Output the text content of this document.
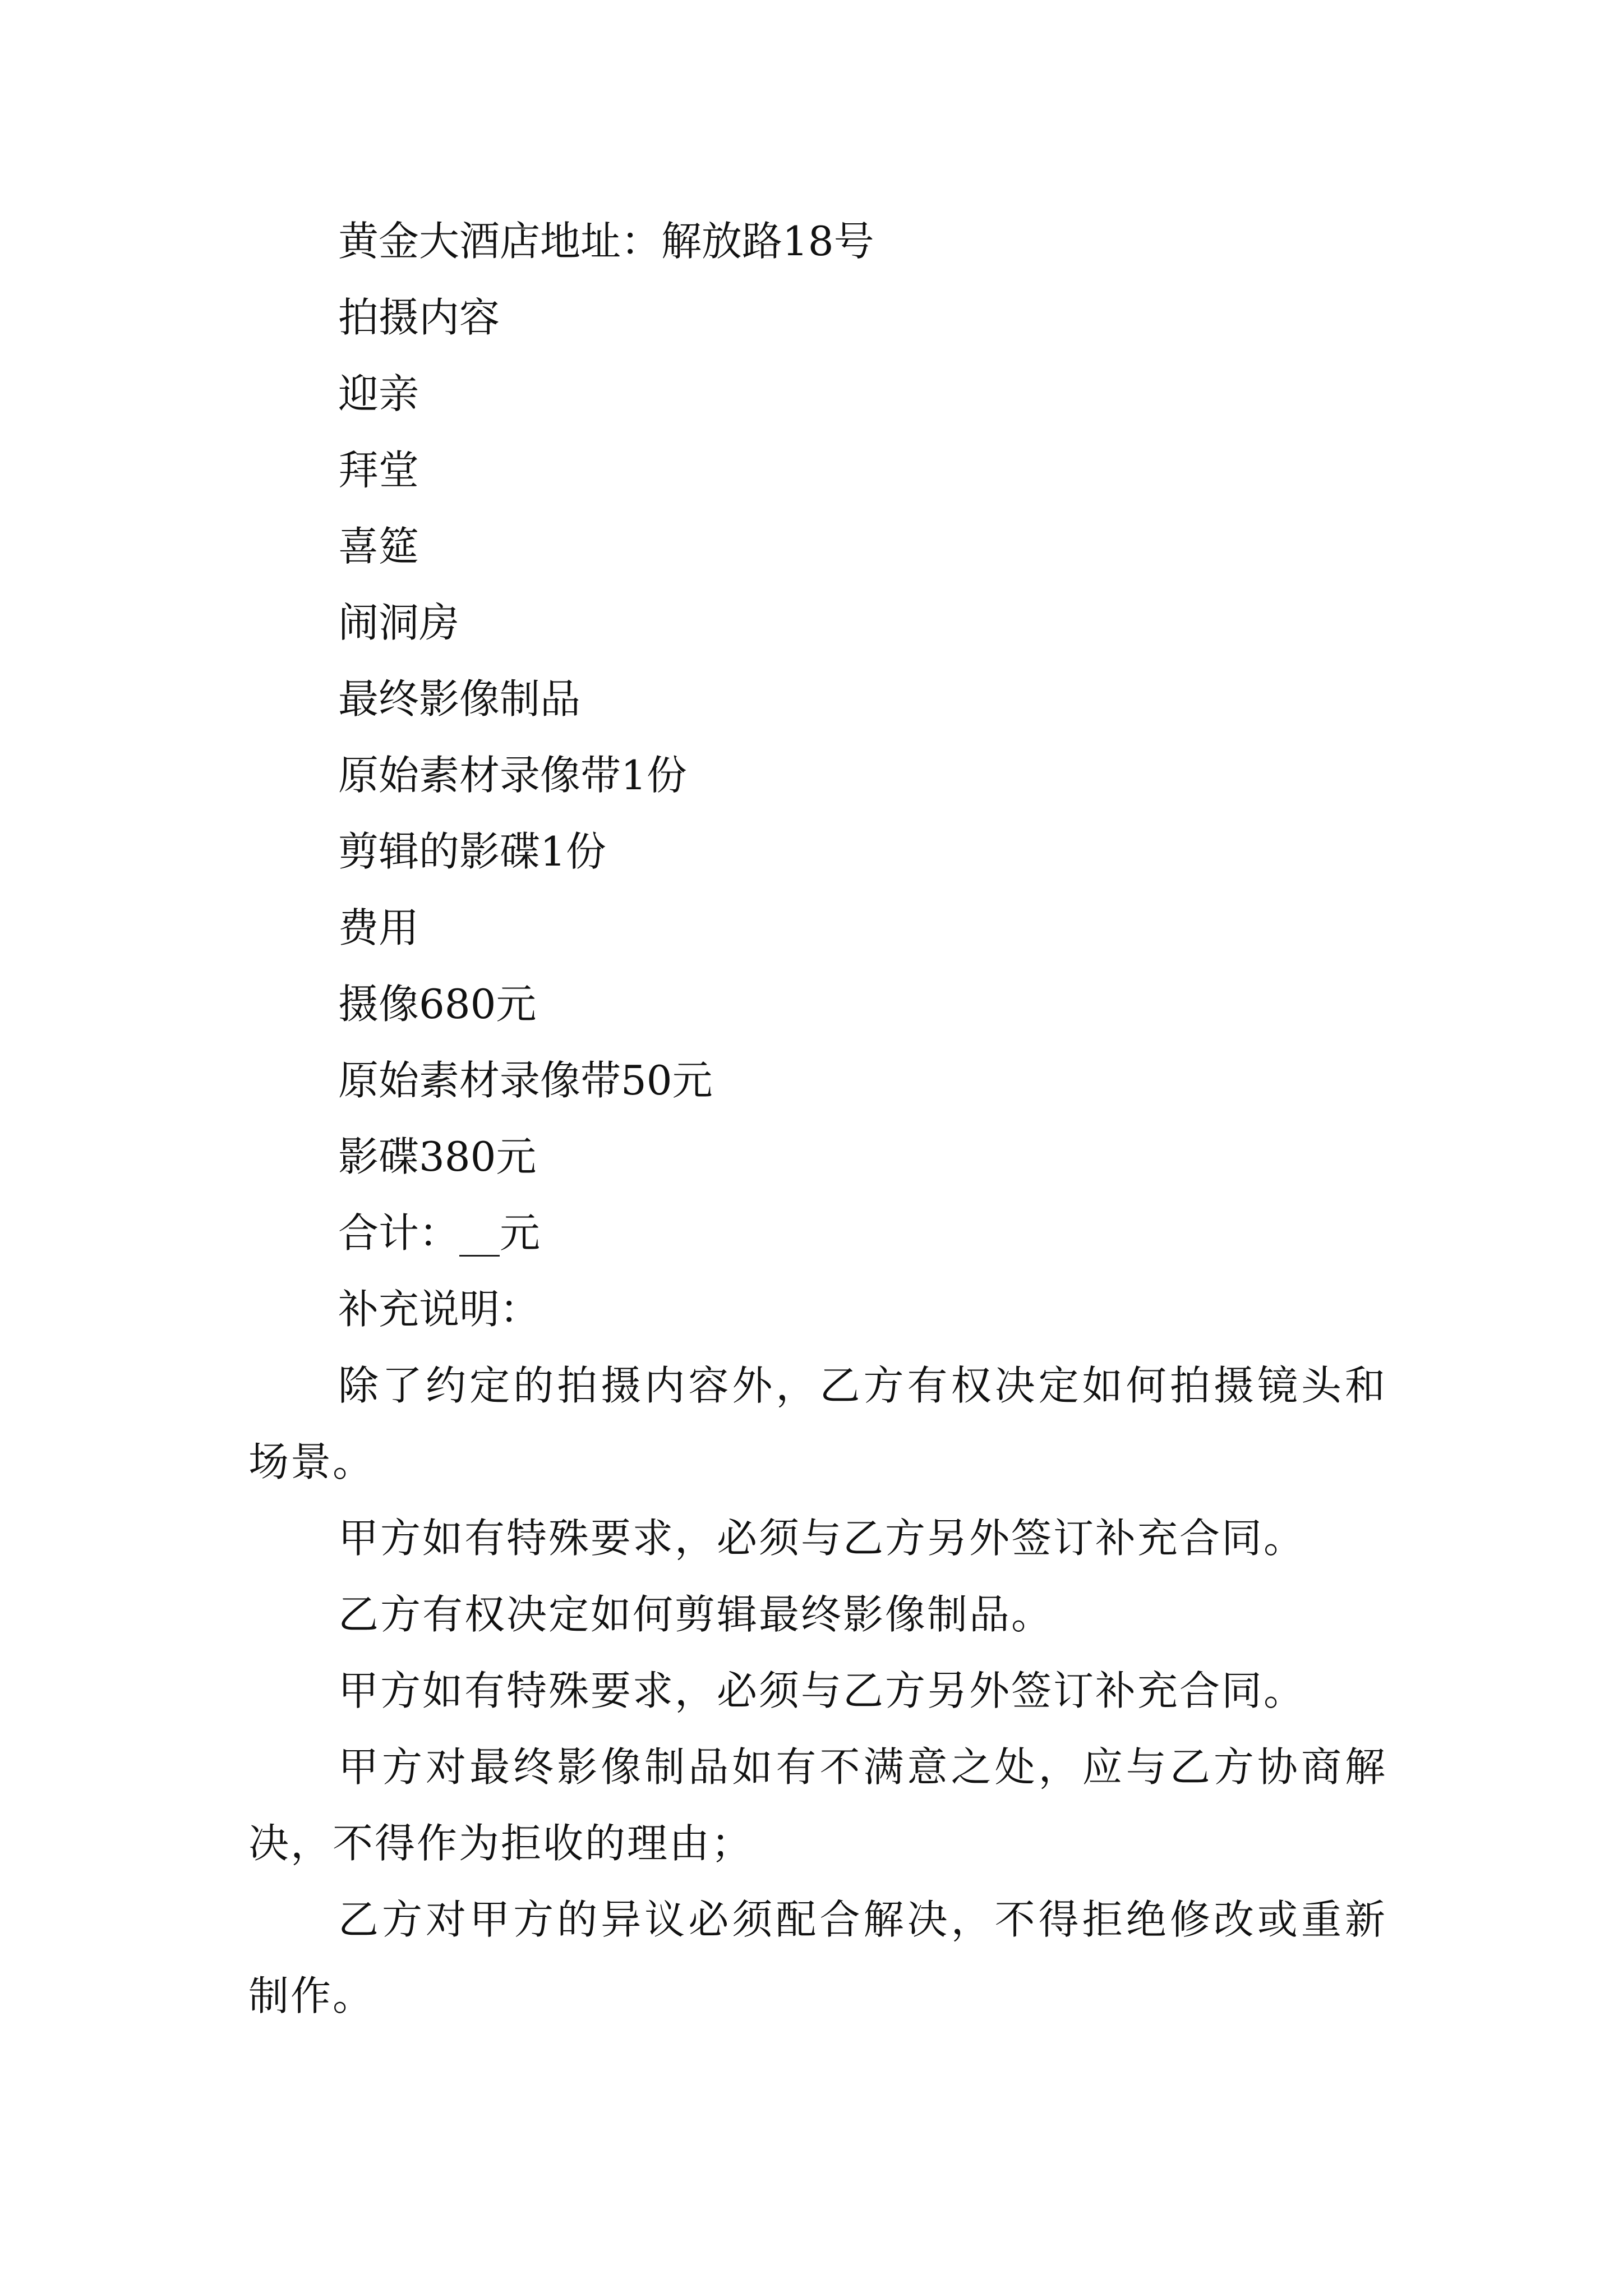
黄金大酒店地址：解放路18号

拍摄内容

迎亲

拜堂

喜筵

闹洞房

最终影像制品

原始素材录像带1份

剪辑的影碟1份

费用

摄像680元

原始素材录像带50元

影碟380元

合计：__元

补充说明：

除了约定的拍摄内容外，乙方有权决定如何拍摄镜头和场景。

甲方如有特殊要求，必须与乙方另外签订补充合同。

乙方有权决定如何剪辑最终影像制品。

甲方如有特殊要求，必须与乙方另外签订补充合同。

甲方对最终影像制品如有不满意之处，应与乙方协商解决，不得作为拒收的理由；

乙方对甲方的异议必须配合解决，不得拒绝修改或重新制作。
